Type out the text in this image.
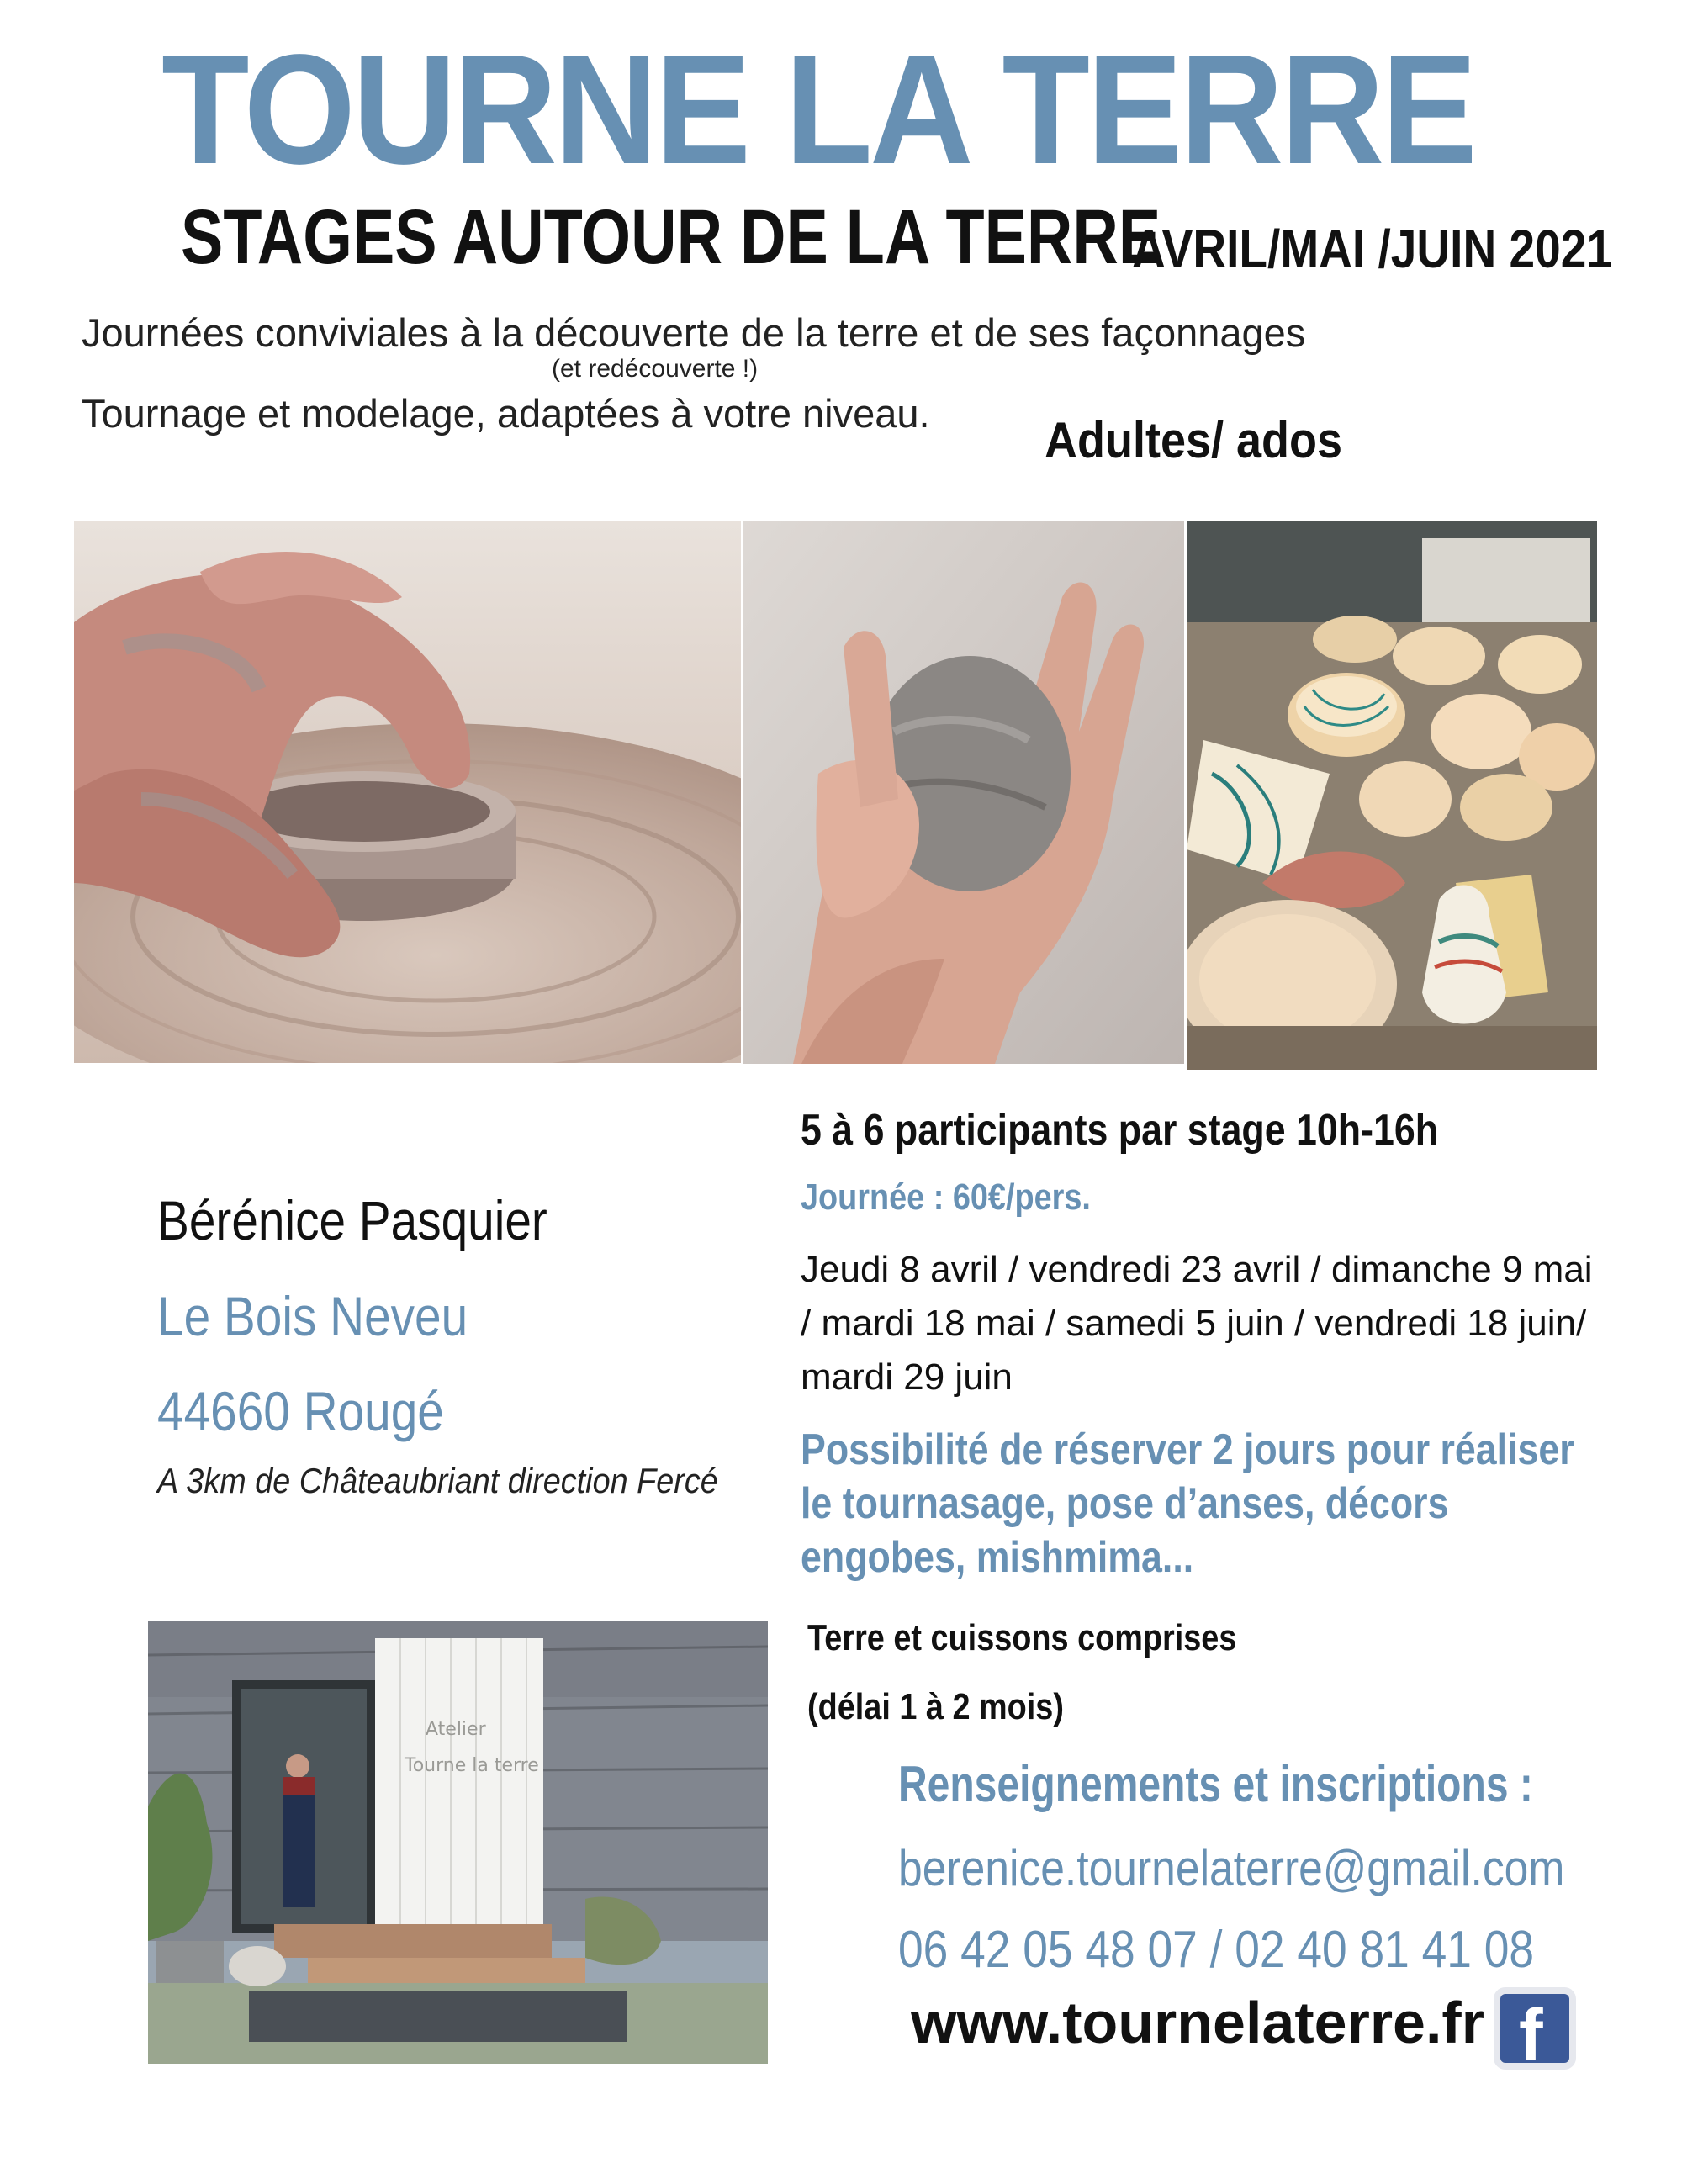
TOURNE LA TERRE
STAGES AUTOUR DE LA TERRE
AVRIL/MAI /JUIN 2021
Journées conviviales à la découverte de la terre et de ses façonnages
(et redécouverte !)
Tournage et modelage, adaptées à votre niveau. Adultes/ ados
Bérénice Pasquier
Le Bois Neveu
44660 Rougé
A 3km de Châteaubriant direction Fercé
5 à 6 participants par stage 10h-16h
Journée : 60€/pers.
Jeudi 8 avril / vendredi 23 avril / dimanche 9 mai / mardi 18 mai / samedi 5 juin / vendredi 18 juin/ mardi 29 juin
Possibilité de réserver 2 jours pour réaliser le tournasage, pose d’anses, décors engobes, mishmima...
Terre et cuissons comprises
(délai 1 à 2 mois)
Atelier
Tourne la terre	Renseignements et inscriptions :
berenice.tournelaterre@gmail.com
06 42 05 48 07 / 02 40 81 41 08
www.tournelaterre.fr f
